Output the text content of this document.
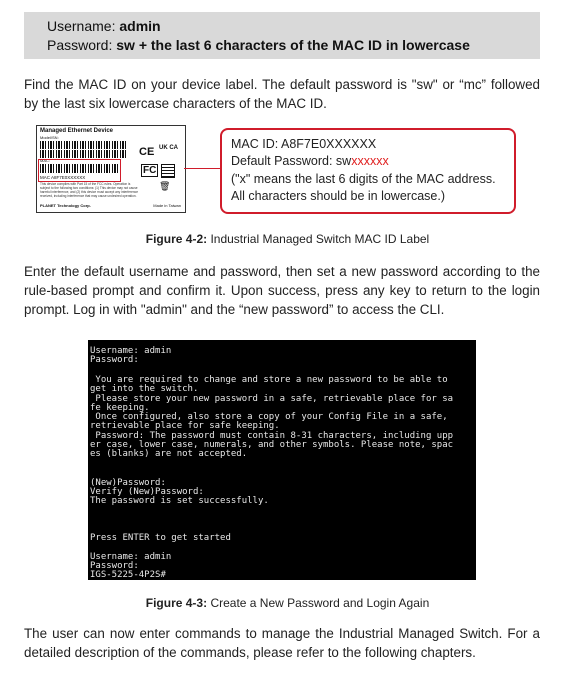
Username: admin
Password: sw + the last 6 characters of the MAC ID in lowercase
Find the MAC ID on your device label. The default password is "sw" or “mc” followed by the last six lowercase characters of the MAC ID.
Managed Ethernet Device
Model/SN:
MAC:
MAC A8F7E0XXXXXX
This device complies with Part 15 of the FCC rules. Operation is subject to the following two conditions: (1) This device may not cause harmful interference, and (2) this device must accept any interference received, including interference that may cause undesired operation.
PLANET Technology Corp.	Made in Taiwan
CE UK CA
FC
🗑
MAC ID: A8F7E0XXXXXX
Default Password: swxxxxxx
("x" means the last 6 digits of the MAC address.
All characters should be in lowercase.)
Figure 4-2: Industrial Managed Switch MAC ID Label
Enter the default username and password, then set a new password according to the rule-based prompt and confirm it. Upon success, press any key to return to the login prompt. Log in with "admin" and the “new password” to access the CLI.
Username: admin
Password:
You are required to change and store a new password to be able to
get into the switch.
Please store your new password in a safe, retrievable place for sa
fe keeping.
Once configured, also store a copy of your Config File in a safe,
retrievable place for safe keeping.
Password: The password must contain 8-31 characters, including upp
er case, lower case, numerals, and other symbols. Please note, spac
es (blanks) are not accepted.
(New)Password:
Verify (New)Password:
The password is set successfully.
Press ENTER to get started
Username: admin
Password:
IGS-5225-4P2S#
Figure 4-3: Create a New Password and Login Again
The user can now enter commands to manage the Industrial Managed Switch. For a detailed description of the commands, please refer to the following chapters.
